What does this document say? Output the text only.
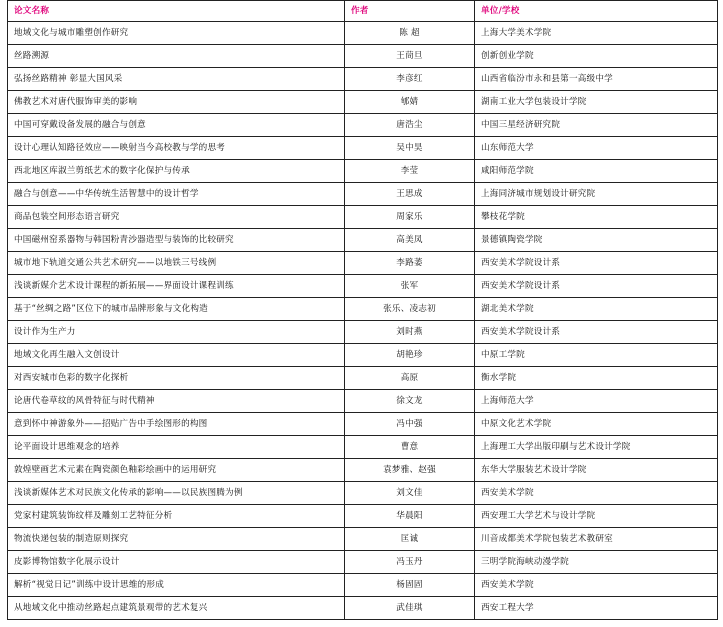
论文名称	作者	单位/学校
地域文化与城市雕塑创作研究	陈 超	上海大学美术学院
丝路溯源	王茼旦	创新创业学院
弘扬丝路精神 彰显大国风采	李彦红	山西省临汾市永和县第一高级中学
佛教艺术对唐代服饰审美的影响	郇婧	湖南工业大学包装设计学院
中国可穿戴设备发展的融合与创意	唐浩尘	中国三星经济研究院
设计心理认知路径效应——映射当今高校教与学的思考	吴中昊	山东师范大学
西北地区库淑兰剪纸艺术的数字化保护与传承	李莹	咸阳师范学院
融合与创意——中华传统生活智慧中的设计哲学	王思成	上海同济城市规划设计研究院
商品包装空间形态语言研究	周家乐	攀枝花学院
中国磁州窑系器物与韩国粉青沙器造型与装饰的比较研究	高美凤	景德镇陶瓷学院
城市地下轨道交通公共艺术研究——以地铁三号线例	李路萎	西安美术学院设计系
浅谈新媒介艺术设计课程的新拓展——界面设计课程训练	张军	西安美术学院设计系
基于“丝绸之路”区位下的城市品牌形象与文化构造	张乐、凌志初	湖北美术学院
设计作为生产力	刘时燕	西安美术学院设计系
地域文化再生融入文创设计	胡艳珍	中原工学院
对西安城市色彩的数字化探析	高原	衡水学院
论唐代卷草纹的风骨特征与时代精神	徐文龙	上海师范大学
意到怀中神游象外——招贴广告中手绘图形的构图	冯中强	中原文化艺术学院
论平面设计思维观念的培养	曹意	上海理工大学出版印刷与艺术设计学院
敦煌壁画艺术元素在陶瓷颜色釉彩绘画中的运用研究	袁梦雅、赵强	东华大学服装艺术设计学院
浅谈新媒体艺术对民族文化传承的影响——以民族图腾为例	刘文佳	西安美术学院
党家村建筑装饰纹样及雕刻工艺特征分析	华晨阳	西安理工大学艺术与设计学院
物流快递包装的制造原则探究	匡诚	川音成都美术学院包装艺术教研室
皮影博物馆数字化展示设计	冯玉丹	三明学院海峡动漫学院
解析“视觉日记”训练中设计思维的形成	杨固固	西安美术学院
从地域文化中推动丝路起点建筑景观带的艺术复兴	武佳琪	西安工程大学
